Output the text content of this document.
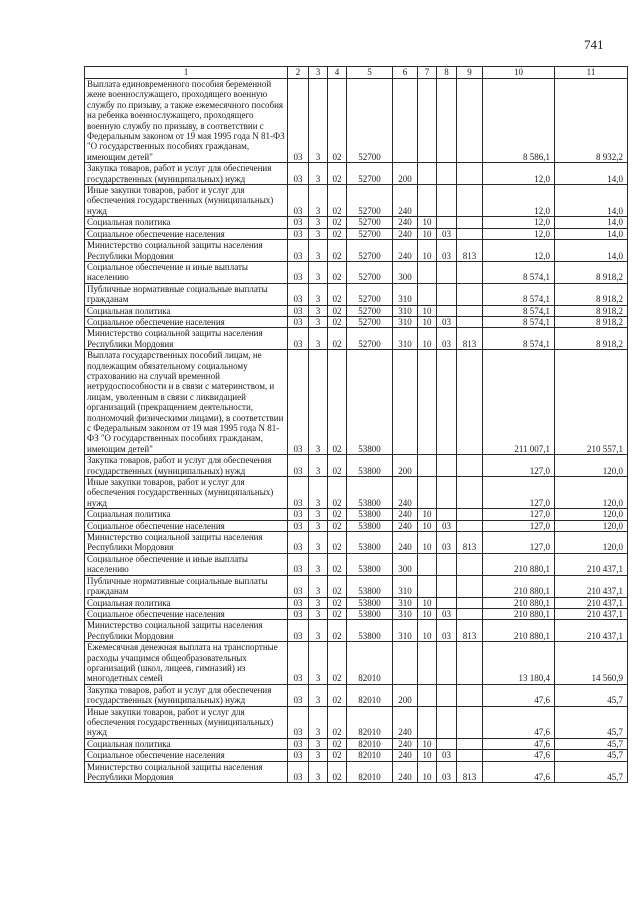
741
1	2	3	4	5	6	7	8	9	10	11
Выплата единовременного пособия беременной жене военнослужащего, проходящего военную службу по призыву, а также ежемесячного пособия на ребенка военнослужащего, проходящего военную службу по призыву, в соответствии с Федеральным законом от 19 мая 1995 года N 81-ФЗ "О государственных пособиях гражданам, имеющим детей"	03	3	02	52700					8 586,1	8 932,2
Закупка товаров, работ и услуг для обеспечения государственных (муниципальных) нужд	03	3	02	52700	200				12,0	14,0
Иные закупки товаров, работ и услуг для обеспечения государственных (муниципальных) нужд	03	3	02	52700	240				12,0	14,0
Социальная политика	03	3	02	52700	240	10			12,0	14,0
Социальное обеспечение населения	03	3	02	52700	240	10	03		12,0	14,0
Министерство социальной защиты населения Республики Мордовия	03	3	02	52700	240	10	03	813	12,0	14,0
Социальное обеспечение и иные выплаты населению	03	3	02	52700	300				8 574,1	8 918,2
Публичные нормативные социальные выплаты гражданам	03	3	02	52700	310				8 574,1	8 918,2
Социальная политика	03	3	02	52700	310	10			8 574,1	8 918,2
Социальное обеспечение населения	03	3	02	52700	310	10	03		8 574,1	8 918,2
Министерство социальной защиты населения Республики Мордовия	03	3	02	52700	310	10	03	813	8 574,1	8 918,2
Выплата государственных пособий лицам, не подлежащим обязательному социальному страхованию на случай временной нетрудоспособности и в связи с материнством, и лицам, уволенным в связи с ликвидацией организаций (прекращением деятельности, полномочий физическими лицами), в соответствии с Федеральным законом от 19 мая 1995 года N 81-ФЗ "О государственных пособиях гражданам, имеющим детей"	03	3	02	53800					211 007,1	210 557,1
Закупка товаров, работ и услуг для обеспечения государственных (муниципальных) нужд	03	3	02	53800	200				127,0	120,0
Иные закупки товаров, работ и услуг для обеспечения государственных (муниципальных) нужд	03	3	02	53800	240				127,0	120,0
Социальная политика	03	3	02	53800	240	10			127,0	120,0
Социальное обеспечение населения	03	3	02	53800	240	10	03		127,0	120,0
Министерство социальной защиты населения Республики Мордовия	03	3	02	53800	240	10	03	813	127,0	120,0
Социальное обеспечение и иные выплаты населению	03	3	02	53800	300				210 880,1	210 437,1
Публичные нормативные социальные выплаты гражданам	03	3	02	53800	310				210 880,1	210 437,1
Социальная политика	03	3	02	53800	310	10			210 880,1	210 437,1
Социальное обеспечение населения	03	3	02	53800	310	10	03		210 880,1	210 437,1
Министерство социальной защиты населения Республики Мордовия	03	3	02	53800	310	10	03	813	210 880,1	210 437,1
Ежемесячная денежная выплата на транспортные расходы учащимся общеобразовательных организаций (школ, лицеев, гимназий) из многодетных семей	03	3	02	82010					13 180,4	14 560,9
Закупка товаров, работ и услуг для обеспечения государственных (муниципальных) нужд	03	3	02	82010	200				47,6	45,7
Иные закупки товаров, работ и услуг для обеспечения государственных (муниципальных) нужд	03	3	02	82010	240				47,6	45,7
Социальная политика	03	3	02	82010	240	10			47,6	45,7
Социальное обеспечение населения	03	3	02	82010	240	10	03		47,6	45,7
Министерство социальной защиты населения Республики Мордовия	03	3	02	82010	240	10	03	813	47,6	45,7
